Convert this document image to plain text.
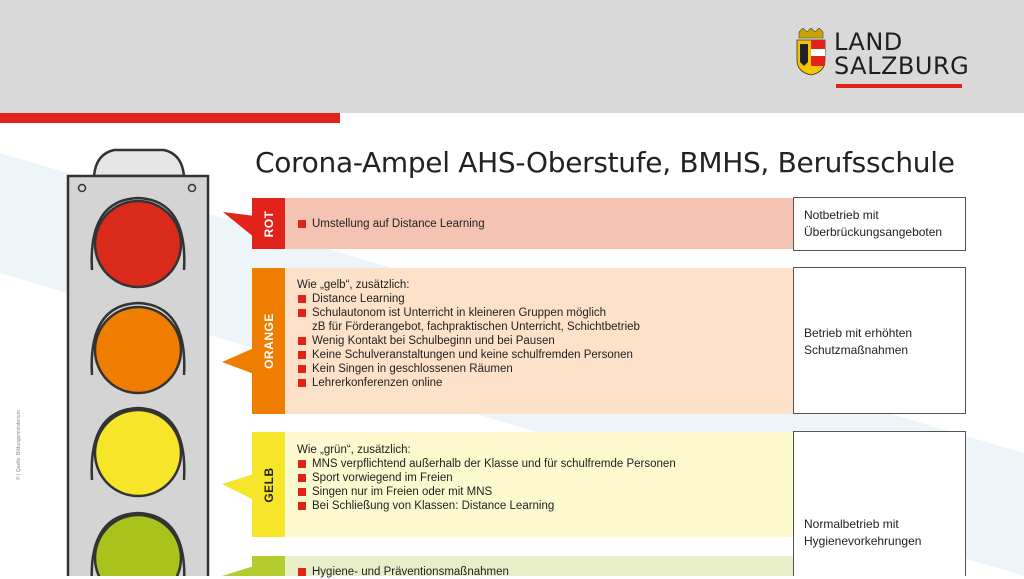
LAND
SALZBURG
Corona-Ampel AHS-Oberstufe, BMHS, Berufsschule
ROT	Umstellung auf Distance Learning
Notbetrieb mit Überbrückungsangeboten
ORANGE

Wie „gelb“, zusätzlich:

Distance Learning
Schulautonom ist Unterricht in kleineren Gruppen möglich
zB für Förderangebot, fachpraktischen Unterricht, Schichtbetrieb
Wenig Kontakt bei Schulbeginn und bei Pausen
Keine Schulveranstaltungen und keine schulfremden Personen
Kein Singen in geschlossenen Räumen
Lehrerkonferenzen online
Betrieb mit erhöhten Schutzmaßnahmen
GELB

Wie „grün“, zusätzlich:

MNS verpflichtend außerhalb der Klasse und für schulfremde Personen
Sport vorwiegend im Freien
Singen nur im Freien oder mit MNS
Bei Schließung von Klassen: Distance Learning
Normalbetrieb mit Hygienevorkehrungen
Hygiene- und Präventionsmaßnahmen
© | Quelle: Bildungsministerium
